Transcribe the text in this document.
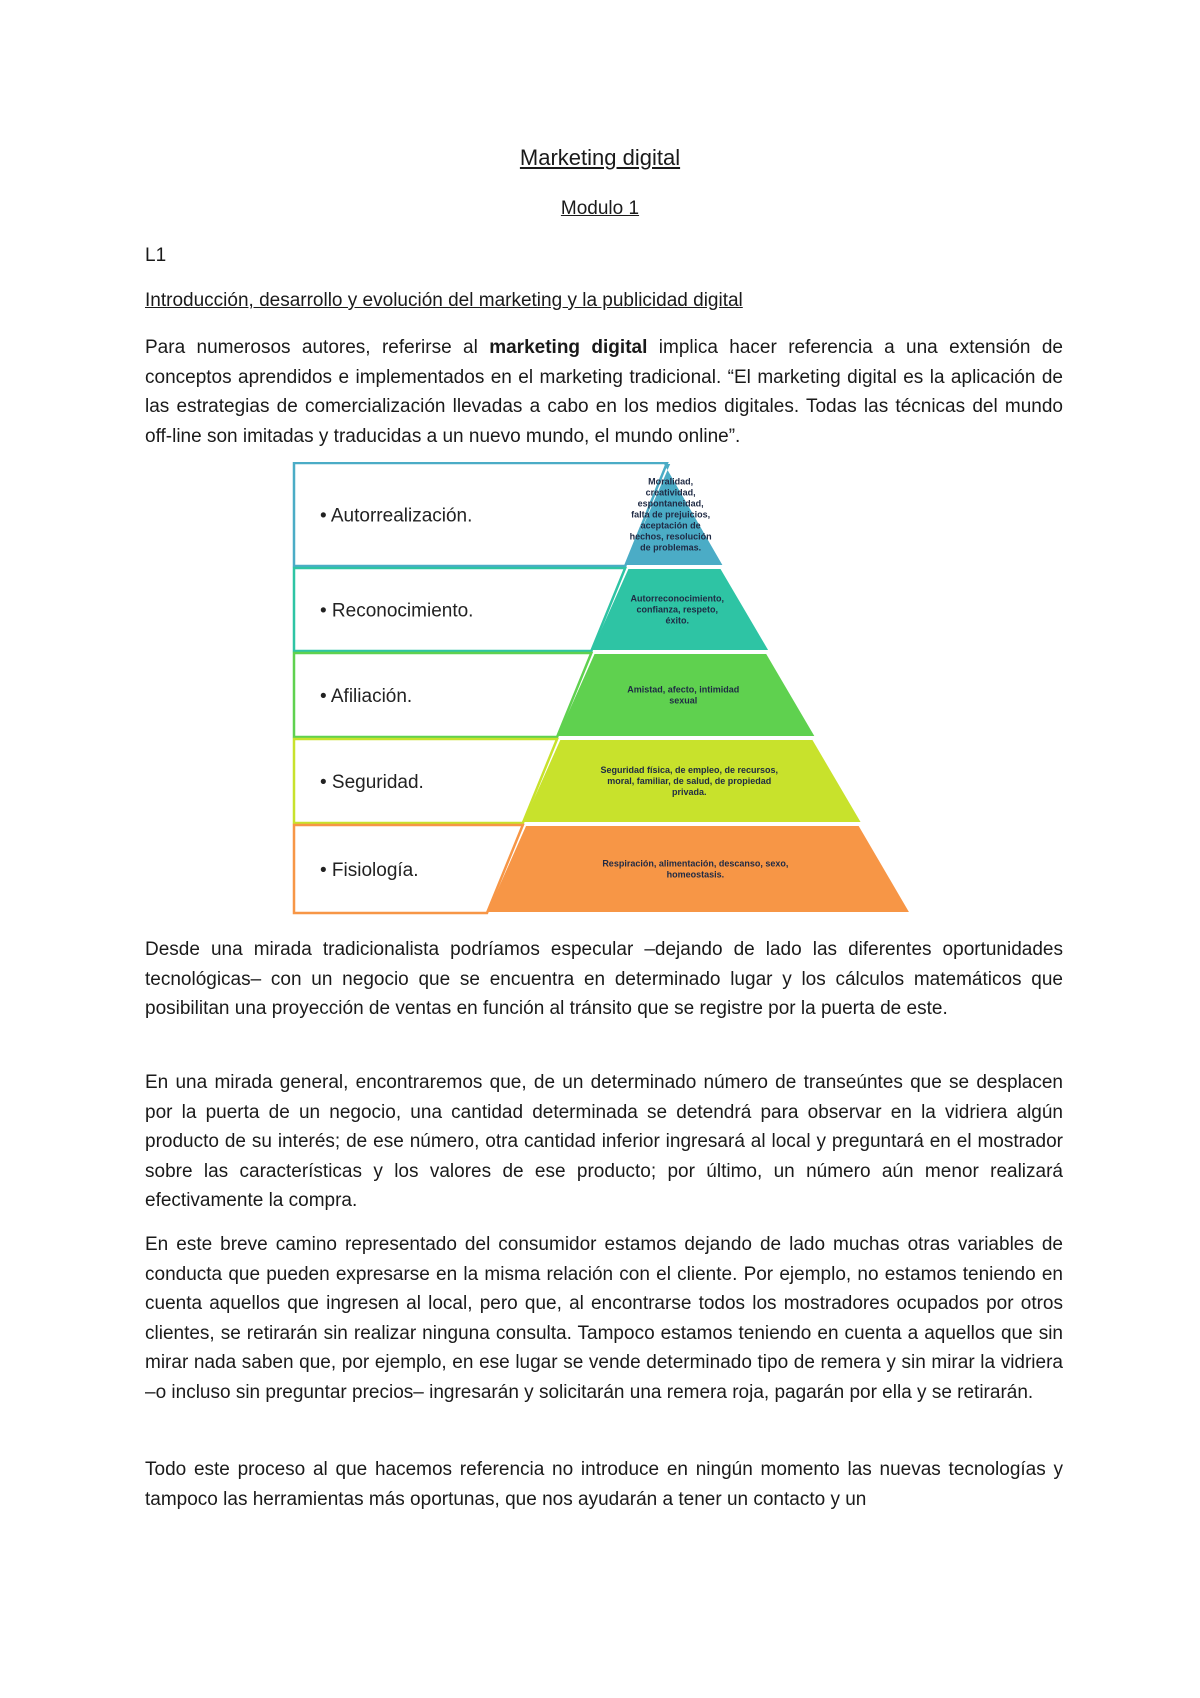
Marketing digital

Modulo 1

L1

Introducción, desarrollo y evolución del marketing y la publicidad digital

Para numerosos autores, referirse al marketing digital implica hacer referencia a una extensión de conceptos aprendidos e implementados en el marketing tradicional. “El marketing digital es la aplicación de las estrategias de comercialización llevadas a cabo en los medios digitales. Todas las técnicas del mundo off-line son imitadas y traducidas a un nuevo mundo, el mundo online”.

• Autorrealización.
Moralidad, creatividad, espontaneidad, falta de prejuicios, aceptación de hechos, resolución de problemas.
• Reconocimiento.
Autorreconocimiento, confianza, respeto, éxito.
• Afiliación.	Amistad, afecto, intimidad sexual
• Seguridad.
Seguridad física, de empleo, de recursos, moral, familiar, de salud, de propiedad privada.
• Fisiología.	Respiración, alimentación, descanso, sexo, homeostasis.

Desde una mirada tradicionalista podríamos especular –dejando de lado las diferentes oportunidades tecnológicas– con un negocio que se encuentra en determinado lugar y los cálculos matemáticos que posibilitan una proyección de ventas en función al tránsito que se registre por la puerta de este.

En una mirada general, encontraremos que, de un determinado número de transeúntes que se desplacen por la puerta de un negocio, una cantidad determinada se detendrá para observar en la vidriera algún producto de su interés; de ese número, otra cantidad inferior ingresará al local y preguntará en el mostrador sobre las características y los valores de ese producto; por último, un número aún menor realizará efectivamente la compra.

En este breve camino representado del consumidor estamos dejando de lado muchas otras variables de conducta que pueden expresarse en la misma relación con el cliente. Por ejemplo, no estamos teniendo en cuenta aquellos que ingresen al local, pero que, al encontrarse todos los mostradores ocupados por otros clientes, se retirarán sin realizar ninguna consulta. Tampoco estamos teniendo en cuenta a aquellos que sin mirar nada saben que, por ejemplo, en ese lugar se vende determinado tipo de remera y sin mirar la vidriera –o incluso sin preguntar precios– ingresarán y solicitarán una remera roja, pagarán por ella y se retirarán.

Todo este proceso al que hacemos referencia no introduce en ningún momento las nuevas tecnologías y tampoco las herramientas más oportunas, que nos ayudarán a tener un contacto y un
